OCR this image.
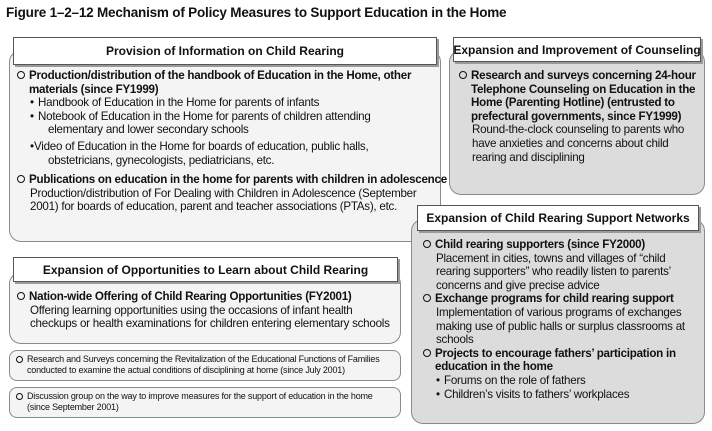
Figure 1–2–12 Mechanism of Policy Measures to Support Education in the Home
Provision of Information on Child Rearing
Production/distribution of the handbook of Education in the Home, other materials (since FY1999)
• Handbook of Education in the Home for parents of infants
• Notebook of Education in the Home for parents of children attending
elementary and lower secondary schools
• Video of Education in the Home for boards of education, public halls,
obstetricians, gynecologists, pediatricians, etc.
Publications on education in the home for parents with children in adolescence
Production/distribution of For Dealing with Children in Adolescence (September 2001) for boards of education, parent and teacher associations (PTAs), etc.
Expansion and Improvement of Counseling
Research and surveys concerning 24-hour Telephone Counseling on Education in the Home (Parenting Hotline) (entrusted to prefectural governments, since FY1999)
Round-the-clock counseling to parents who have anxieties and concerns about child rearing and disciplining
Expansion of Opportunities to Learn about Child Rearing
Nation-wide Offering of Child Rearing Opportunities (FY2001)
Offering learning opportunities using the occasions of infant health checkups or health examinations for children entering elementary schools
Research and Surveys concerning the Revitalization of the Educational Functions of Families conducted to examine the actual conditions of disciplining at home (since July 2001)
Discussion group on the way to improve measures for the support of education in the home (since September 2001)
Expansion of Child Rearing Support Networks
Child rearing supporters (since FY2000)
Placement in cities, towns and villages of “child rearing supporters” who readily listen to parents’ concerns and give precise advice
Exchange programs for child rearing support
Implementation of various programs of exchanges making use of public halls or surplus classrooms at schools
Projects to encourage fathers’ participation in education in the home
• Forums on the role of fathers
• Children’s visits to fathers’ workplaces
